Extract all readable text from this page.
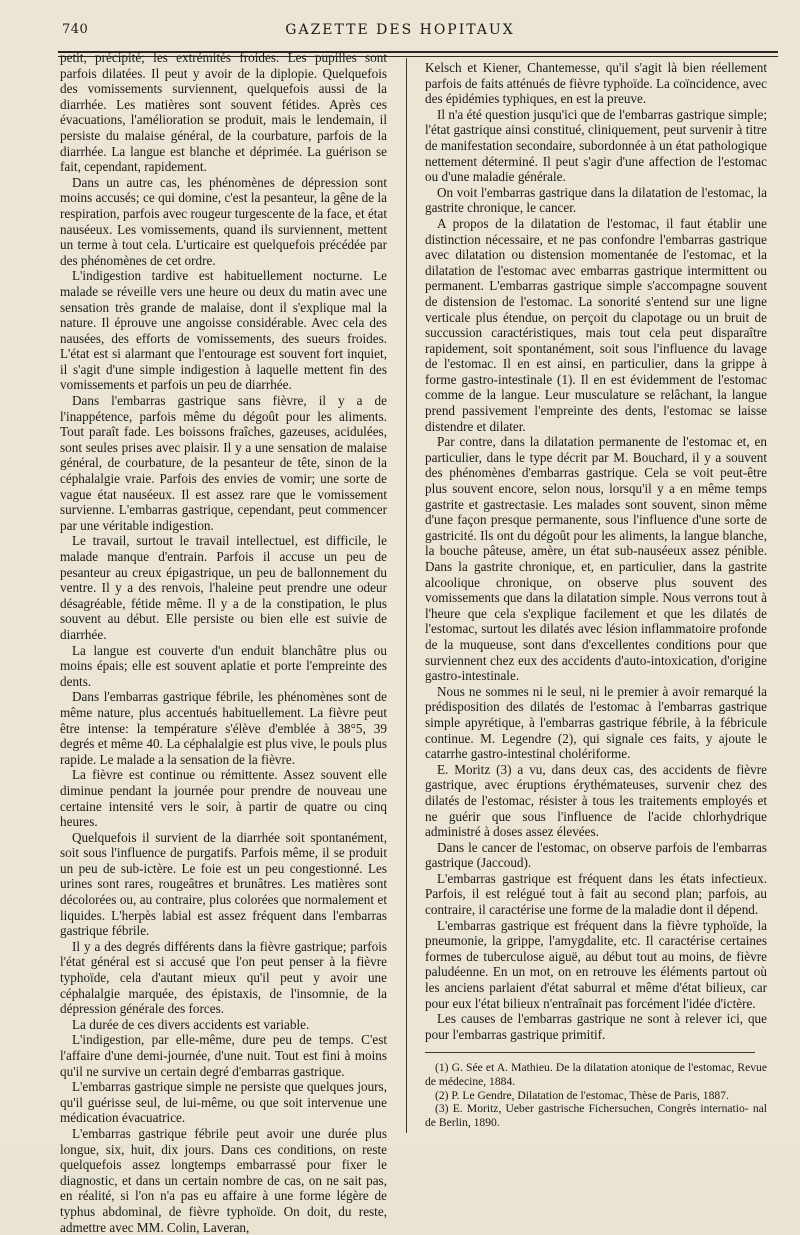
740	GAZETTE DES HOPITAUX

petit, précipité; les extrémités froides. Les pupilles sont parfois dilatées. Il peut y avoir de la diplopie. Quelquefois des vomissements surviennent, quelquefois aussi de la diarrhée. Les matières sont souvent fétides. Après ces évacuations, l'amélioration se produit, mais le lendemain, il persiste du malaise général, de la courbature, parfois de la diarrhée. La langue est blanche et déprimée. La guérison se fait, cependant, rapidement.

Dans un autre cas, les phénomènes de dépression sont moins accusés; ce qui domine, c'est la pesanteur, la gêne de la respiration, parfois avec rougeur turgescente de la face, et état nauséeux. Les vomissements, quand ils surviennent, mettent un terme à tout cela. L'urticaire est quelquefois précédée par des phénomènes de cet ordre.

L'indigestion tardive est habituellement nocturne. Le malade se réveille vers une heure ou deux du matin avec une sensation très grande de malaise, dont il s'explique mal la nature. Il éprouve une angoisse considérable. Avec cela des nausées, des efforts de vomissements, des sueurs froides. L'état est si alarmant que l'entourage est souvent fort inquiet, il s'agit d'une simple indigestion à laquelle mettent fin des vomissements et parfois un peu de diarrhée.

Dans l'embarras gastrique sans fièvre, il y a de l'inappétence, parfois même du dégoût pour les aliments. Tout paraît fade. Les boissons fraîches, gazeuses, acidulées, sont seules prises avec plaisir. Il y a une sensation de malaise général, de courbature, de la pesanteur de tête, sinon de la céphalalgie vraie. Parfois des envies de vomir; une sorte de vague état nauséeux. Il est assez rare que le vomissement survienne. L'embarras gastrique, cependant, peut commencer par une véritable indigestion.

Le travail, surtout le travail intellectuel, est difficile, le malade manque d'entrain. Parfois il accuse un peu de pesanteur au creux épigastrique, un peu de ballonnement du ventre. Il y a des renvois, l'haleine peut prendre une odeur désagréable, fétide même. Il y a de la constipation, le plus souvent au début. Elle persiste ou bien elle est suivie de diarrhée.

La langue est couverte d'un enduit blanchâtre plus ou moins épais; elle est souvent aplatie et porte l'empreinte des dents.

Dans l'embarras gastrique fébrile, les phénomènes sont de même nature, plus accentués habituellement. La fièvre peut être intense: la température s'élève d'emblée à 38°5, 39 degrés et même 40. La céphalalgie est plus vive, le pouls plus rapide. Le malade a la sensation de la fièvre.

La fièvre est continue ou rémittente. Assez souvent elle diminue pendant la journée pour prendre de nouveau une certaine intensité vers le soir, à partir de quatre ou cinq heures.

Quelquefois il survient de la diarrhée soit spontanément, soit sous l'influence de purgatifs. Parfois même, il se produit un peu de sub-ictère. Le foie est un peu congestionné. Les urines sont rares, rougeâtres et brunâtres. Les matières sont décolorées ou, au contraire, plus colorées que normalement et liquides. L'herpès labial est assez fréquent dans l'embarras gastrique fébrile.

Il y a des degrés différents dans la fièvre gastrique; parfois l'état général est si accusé que l'on peut penser à la fièvre typhoïde, cela d'autant mieux qu'il peut y avoir une céphalalgie marquée, des épistaxis, de l'insomnie, de la dépression générale des forces.

La durée de ces divers accidents est variable.

L'indigestion, par elle-même, dure peu de temps. C'est l'affaire d'une demi-journée, d'une nuit. Tout est fini à moins qu'il ne survive un certain degré d'embarras gastrique.

L'embarras gastrique simple ne persiste que quelques jours, qu'il guérisse seul, de lui-même, ou que soit intervenue une médication évacuatrice.

L'embarras gastrique fébrile peut avoir une durée plus longue, six, huit, dix jours. Dans ces conditions, on reste quelquefois assez longtemps embarrassé pour fixer le diagnostic, et dans un certain nombre de cas, on ne sait pas, en réalité, si l'on n'a pas eu affaire à une forme légère de typhus abdominal, de fièvre typhoïde. On doit, du reste, admettre avec MM. Colin, Laveran,

Kelsch et Kiener, Chantemesse, qu'il s'agit là bien réellement parfois de faits atténués de fièvre typhoïde. La coïncidence, avec des épidémies typhiques, en est la preuve.

Il n'a été question jusqu'ici que de l'embarras gastrique simple; l'état gastrique ainsi constitué, cliniquement, peut survenir à titre de manifestation secondaire, subordonnée à un état pathologique nettement déterminé. Il peut s'agir d'une affection de l'estomac ou d'une maladie générale.

On voit l'embarras gastrique dans la dilatation de l'estomac, la gastrite chronique, le cancer.

A propos de la dilatation de l'estomac, il faut établir une distinction nécessaire, et ne pas confondre l'embarras gastrique avec dilatation ou distension momentanée de l'estomac, et la dilatation de l'estomac avec embarras gastrique intermittent ou permanent. L'embarras gastrique simple s'accompagne souvent de distension de l'estomac. La sonorité s'entend sur une ligne verticale plus étendue, on perçoit du clapotage ou un bruit de succussion caractéristiques, mais tout cela peut disparaître rapidement, soit spontanément, soit sous l'influence du lavage de l'estomac. Il en est ainsi, en particulier, dans la grippe à forme gastro-intestinale (1). Il en est évidemment de l'estomac comme de la langue. Leur musculature se relâchant, la langue prend passivement l'empreinte des dents, l'estomac se laisse distendre et dilater.

Par contre, dans la dilatation permanente de l'estomac et, en particulier, dans le type décrit par M. Bouchard, il y a souvent des phénomènes d'embarras gastrique. Cela se voit peut-être plus souvent encore, selon nous, lorsqu'il y a en même temps gastrite et gastrectasie. Les malades sont souvent, sinon même d'une façon presque permanente, sous l'influence d'une sorte de gastricité. Ils ont du dégoût pour les aliments, la langue blanche, la bouche pâteuse, amère, un état sub-nauséeux assez pénible. Dans la gastrite chronique, et, en particulier, dans la gastrite alcoolique chronique, on observe plus souvent des vomissements que dans la dilatation simple. Nous verrons tout à l'heure que cela s'explique facilement et que les dilatés de l'estomac, surtout les dilatés avec lésion inflammatoire profonde de la muqueuse, sont dans d'excellentes conditions pour que surviennent chez eux des accidents d'auto-intoxication, d'origine gastro-intestinale.

Nous ne sommes ni le seul, ni le premier à avoir remarqué la prédisposition des dilatés de l'estomac à l'embarras gastrique simple apyrétique, à l'embarras gastrique fébrile, à la fébricule continue. M. Legendre (2), qui signale ces faits, y ajoute le catarrhe gastro-intestinal cholériforme.

E. Moritz (3) a vu, dans deux cas, des accidents de fièvre gastrique, avec éruptions érythémateuses, survenir chez des dilatés de l'estomac, résister à tous les traitements employés et ne guérir que sous l'influence de l'acide chlorhydrique administré à doses assez élevées.

Dans le cancer de l'estomac, on observe parfois de l'embarras gastrique (Jaccoud).

L'embarras gastrique est fréquent dans les états infectieux. Parfois, il est relégué tout à fait au second plan; parfois, au contraire, il caractérise une forme de la maladie dont il dépend.

L'embarras gastrique est fréquent dans la fièvre typhoïde, la pneumonie, la grippe, l'amygdalite, etc. Il caractérise certaines formes de tuberculose aiguë, au début tout au moins, de fièvre paludéenne. En un mot, on en retrouve les éléments partout où les anciens parlaient d'état saburral et même d'état bilieux, car pour eux l'état bilieux n'entraînait pas forcément l'idée d'ictère.

Les causes de l'embarras gastrique ne sont à relever ici, que pour l'embarras gastrique primitif.

(1) G. Sée et A. Mathieu. De la dilatation atonique de l'estomac, Revue de médecine, 1884.

(2) P. Le Gendre, Dilatation de l'estomac, Thèse de Paris, 1887.

(3) E. Moritz, Ueber gastrische Fichersuchen, Congrès internatio- nal de Berlin, 1890.
